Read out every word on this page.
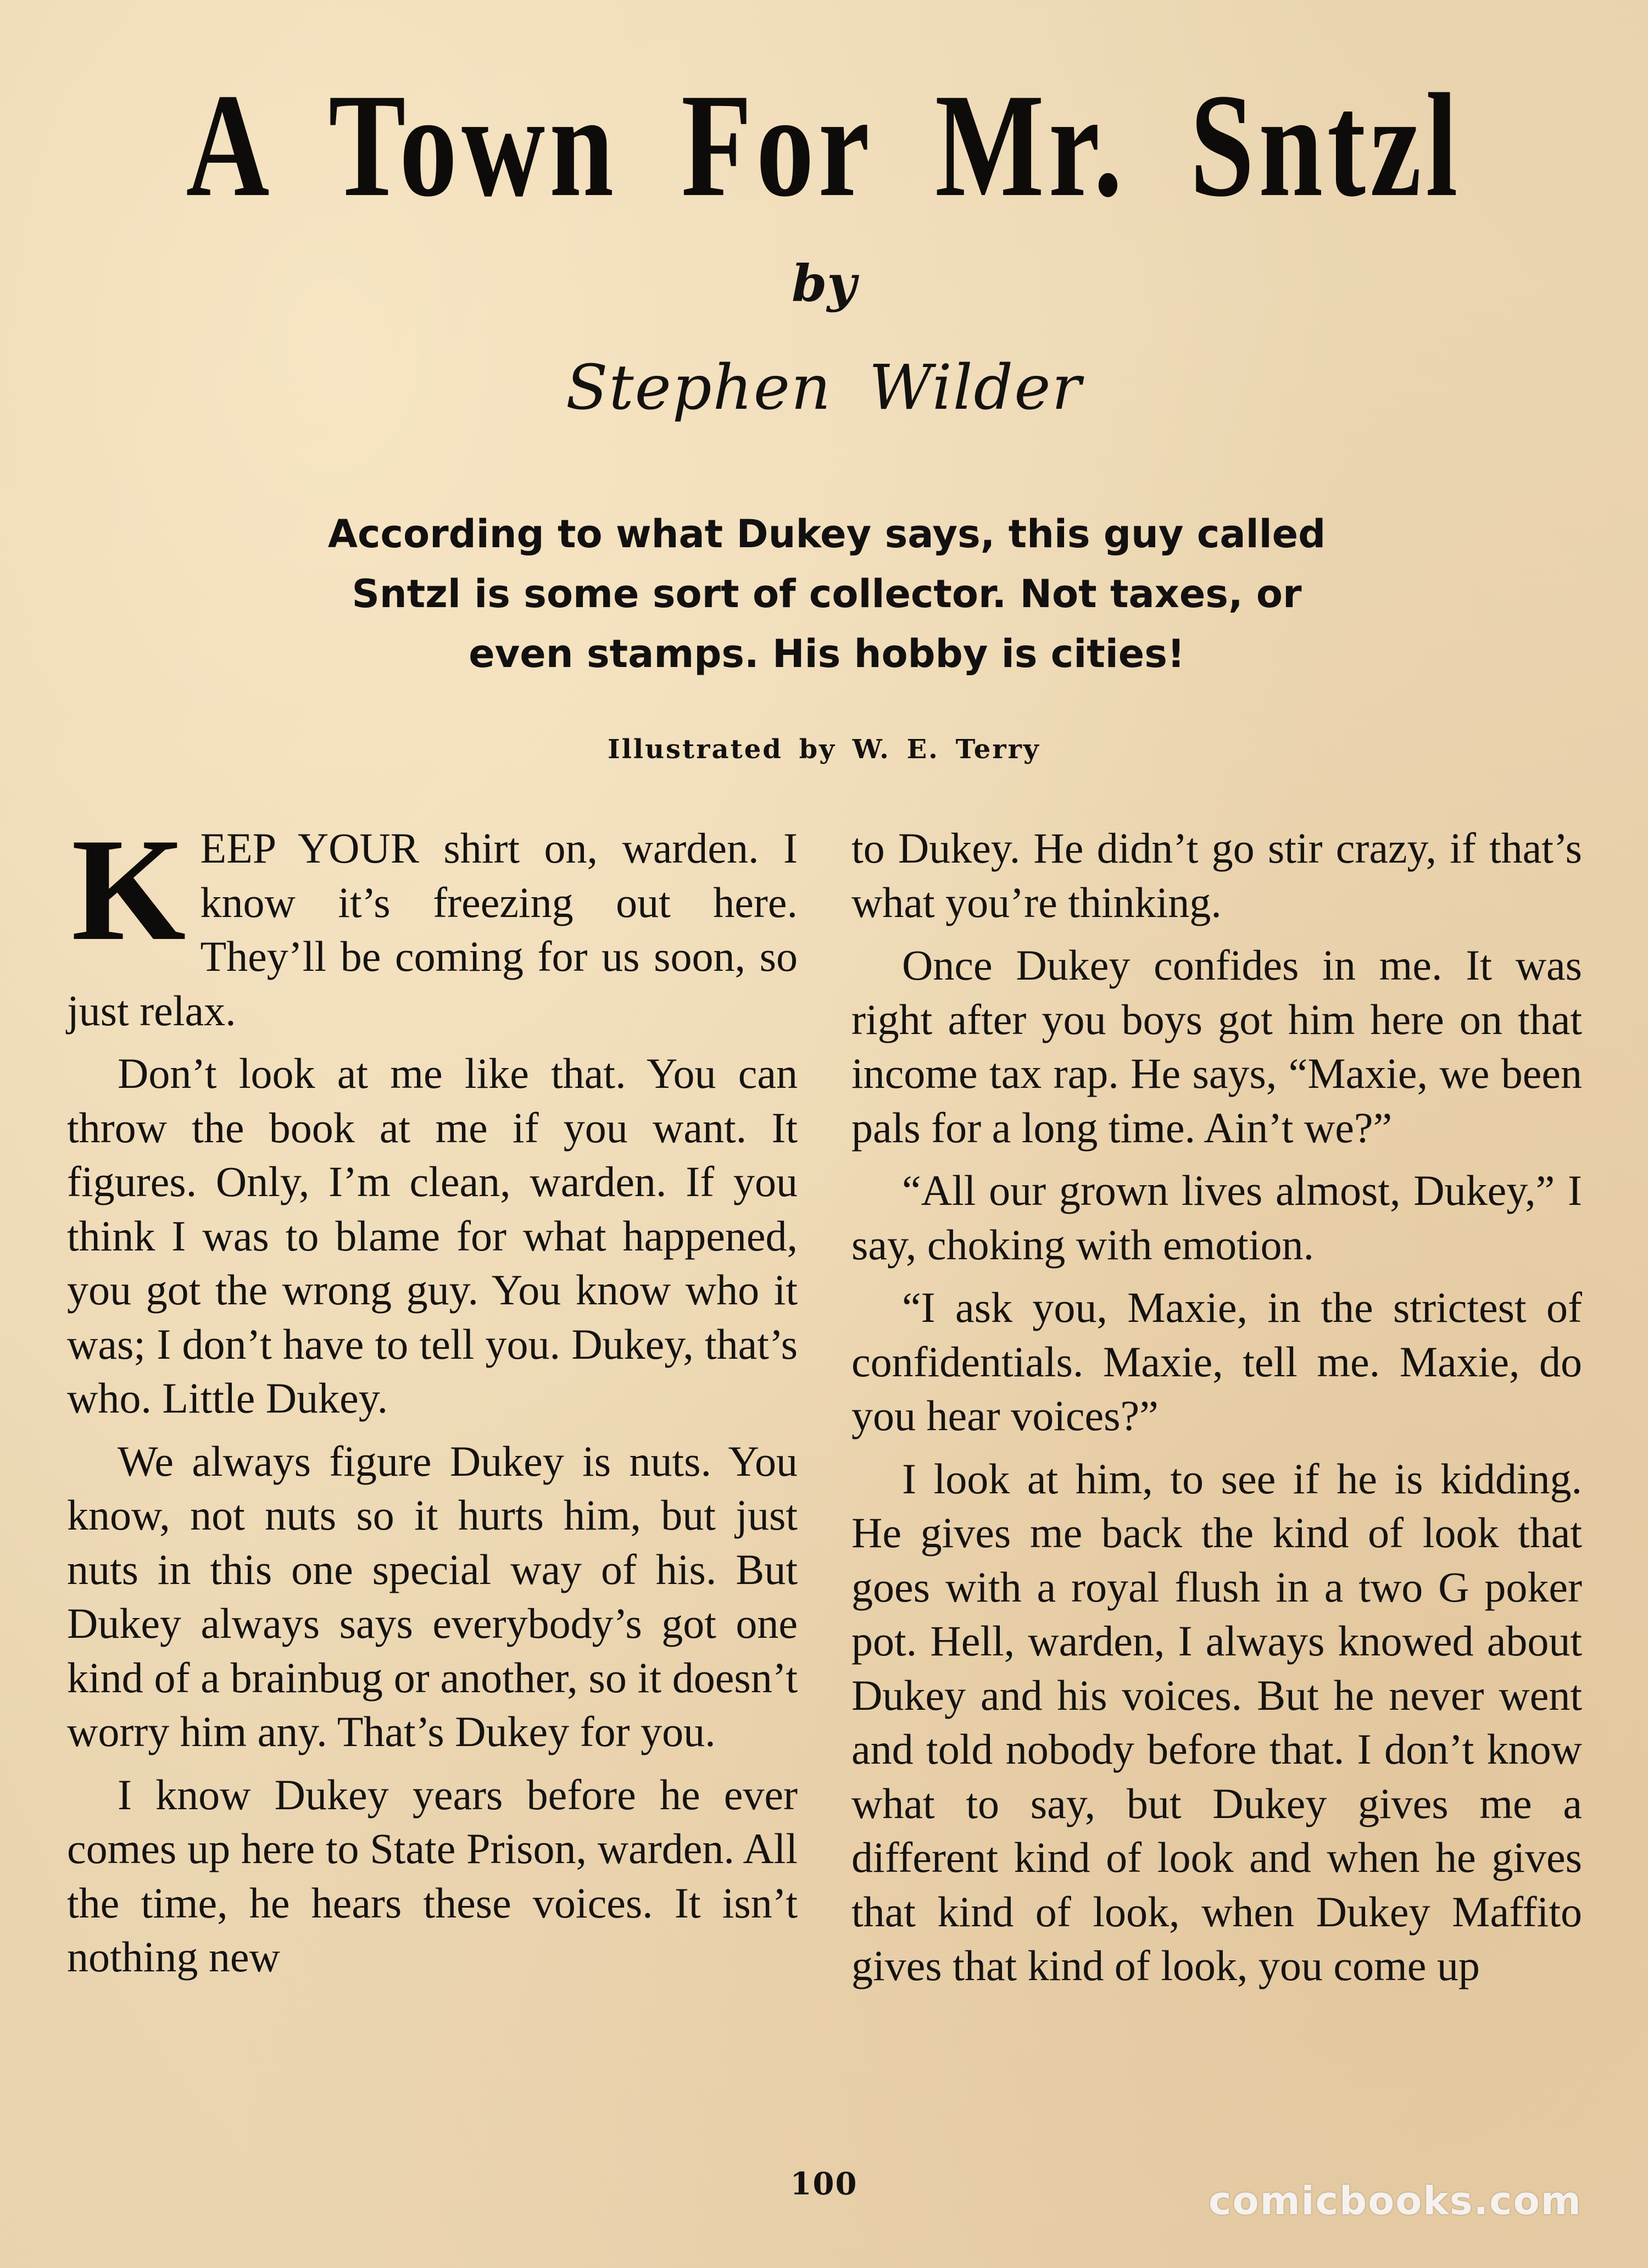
A Town For Mr. Sntzl
by
Stephen Wilder
According to what Dukey says, this guy called Sntzl is some sort of collector. Not taxes, or even stamps. His hobby is cities!
Illustrated by W. E. Terry

KEEP YOUR shirt on, warden. I know it’s freezing out here. They’ll be coming for us soon, so just relax.

Don’t look at me like that. You can throw the book at me if you want. It figures. Only, I’m clean, warden. If you think I was to blame for what happened, you got the wrong guy. You know who it was; I don’t have to tell you. Dukey, that’s who. Little Dukey.

We always figure Dukey is nuts. You know, not nuts so it hurts him, but just nuts in this one special way of his. But Dukey always says everybody’s got one kind of a brainbug or another, so it doesn’t worry him any. That’s Dukey for you.

I know Dukey years before he ever comes up here to State Prison, warden. All the time, he hears these voices. It isn’t nothing new

to Dukey. He didn’t go stir crazy, if that’s what you’re thinking.

Once Dukey confides in me. It was right after you boys got him here on that income tax rap. He says, “Maxie, we been pals for a long time. Ain’t we?”

“All our grown lives almost, Dukey,” I say, choking with emotion.

“I ask you, Maxie, in the strictest of confidentials. Maxie, tell me. Maxie, do you hear voices?”

I look at him, to see if he is kidding. He gives me back the kind of look that goes with a royal flush in a two G poker pot. Hell, warden, I always knowed about Dukey and his voices. But he never went and told nobody before that. I don’t know what to say, but Dukey gives me a different kind of look and when he gives that kind of look, when Dukey Maffito gives that kind of look, you come up

100	comicbooks.com
